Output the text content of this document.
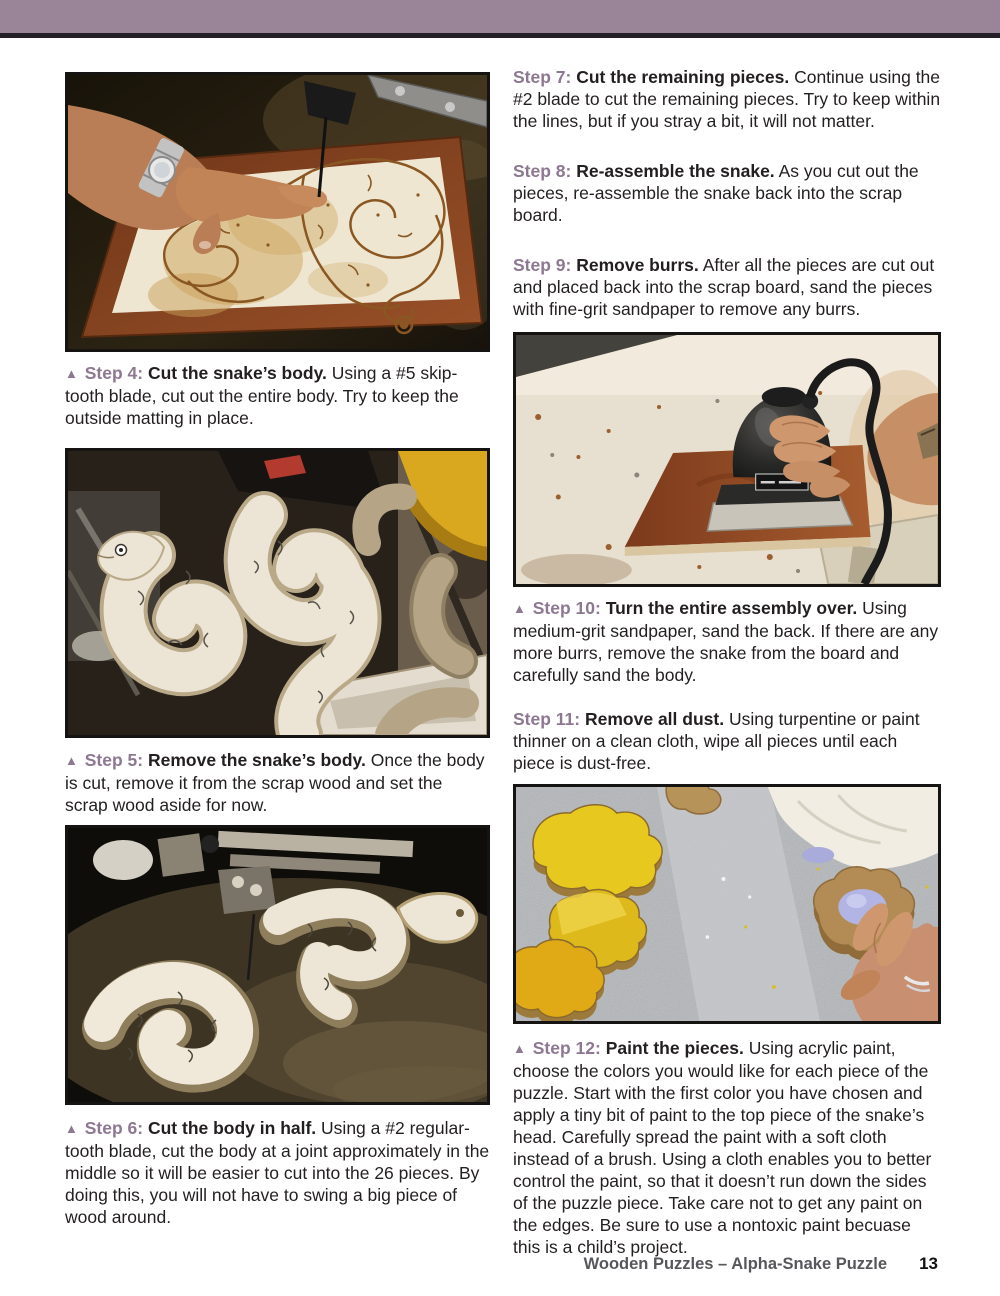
▲ Step 4: Cut the snake’s body. Using a #5 skip-tooth blade, cut out the entire body. Try to keep the outside matting in place.

▲ Step 5: Remove the snake’s body. Once the body is cut, remove it from the scrap wood and set the scrap wood aside for now.

▲ Step 6: Cut the body in half. Using a #2 regular-tooth blade, cut the body at a joint approximately in the middle so it will be easier to cut into the 26 pieces. By doing this, you will not have to swing a big piece of wood around.

Step 7: Cut the remaining pieces. Continue using the #2 blade to cut the remaining pieces. Try to keep within the lines, but if you stray a bit, it will not matter.

Step 8: Re-assemble the snake. As you cut out the pieces, re-assemble the snake back into the scrap board.

Step 9: Remove burrs. After all the pieces are cut out and placed back into the scrap board, sand the pieces with fine-grit sandpaper to remove any burrs.

▲ Step 10: Turn the entire assembly over. Using medium-grit sandpaper, sand the back. If there are any more burrs, remove the snake from the board and carefully sand the body.

Step 11: Remove all dust. Using turpentine or paint thinner on a clean cloth, wipe all pieces until each piece is dust-free.

▲ Step 12: Paint the pieces. Using acrylic paint, choose the colors you would like for each piece of the puzzle. Start with the first color you have chosen and apply a tiny bit of paint to the top piece of the snake’s head. Carefully spread the paint with a soft cloth instead of a brush. Using a cloth enables you to better control the paint, so that it doesn’t run down the sides of the puzzle piece. Take care not to get any paint on the edges. Be sure to use a nontoxic paint becuase this is a child’s project.

Wooden Puzzles – Alpha-Snake Puzzle 13
